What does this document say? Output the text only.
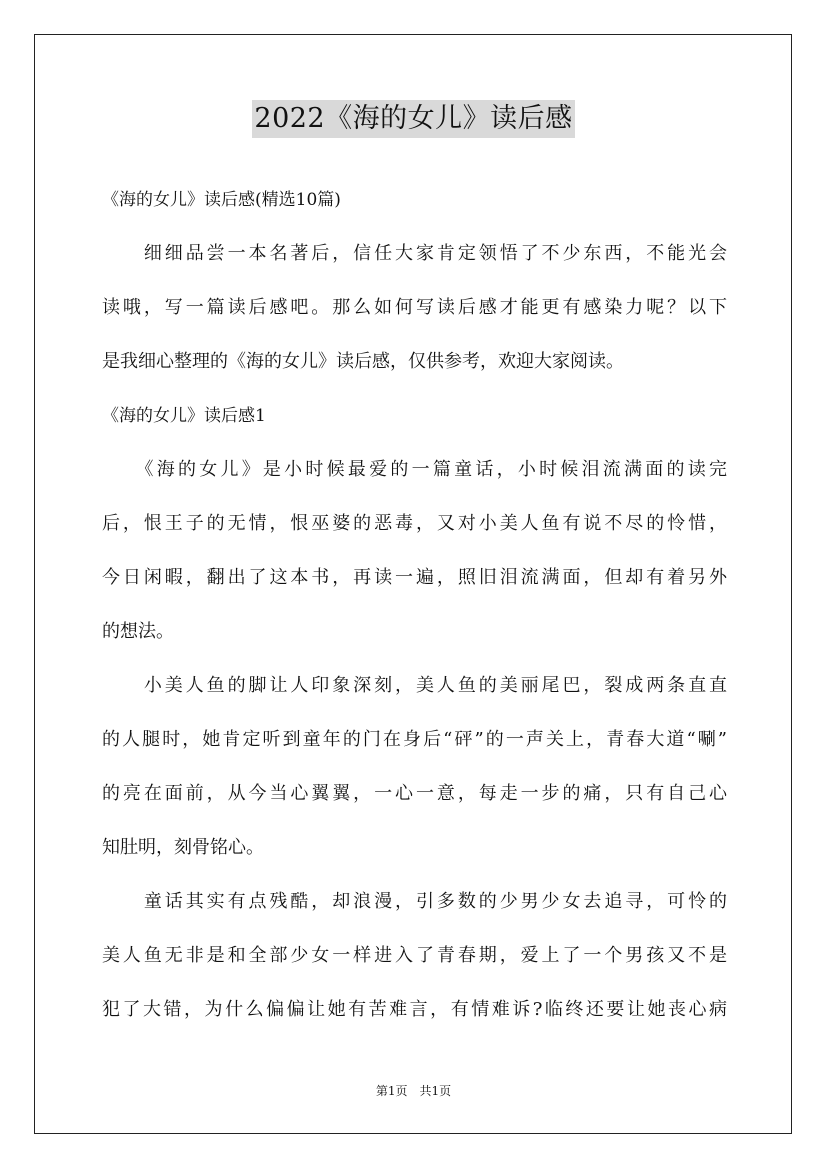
2022《海的女儿》读后感
《海的女儿》读后感(精选10篇)
　　细细品尝一本名著后，信任大家肯定领悟了不少东西，不能光会
读哦，写一篇读后感吧。那么如何写读后感才能更有感染力呢？以下
是我细心整理的《海的女儿》读后感，仅供参考，欢迎大家阅读。
《海的女儿》读后感1
　　《海的女儿》是小时候最爱的一篇童话，小时候泪流满面的读完
后，恨王子的无情，恨巫婆的恶毒，又对小美人鱼有说不尽的怜惜，
今日闲暇，翻出了这本书，再读一遍，照旧泪流满面，但却有着另外
的想法。
　　小美人鱼的脚让人印象深刻，美人鱼的美丽尾巴，裂成两条直直
的人腿时，她肯定听到童年的门在身后“砰”的一声关上，青春大道“唰”
的亮在面前，从今当心翼翼，一心一意，每走一步的痛，只有自己心
知肚明，刻骨铭心。
　　童话其实有点残酷，却浪漫，引多数的少男少女去追寻，可怜的
美人鱼无非是和全部少女一样进入了青春期，爱上了一个男孩又不是
犯了大错，为什么偏偏让她有苦难言，有情难诉?临终还要让她丧心病
第1页 共1页
